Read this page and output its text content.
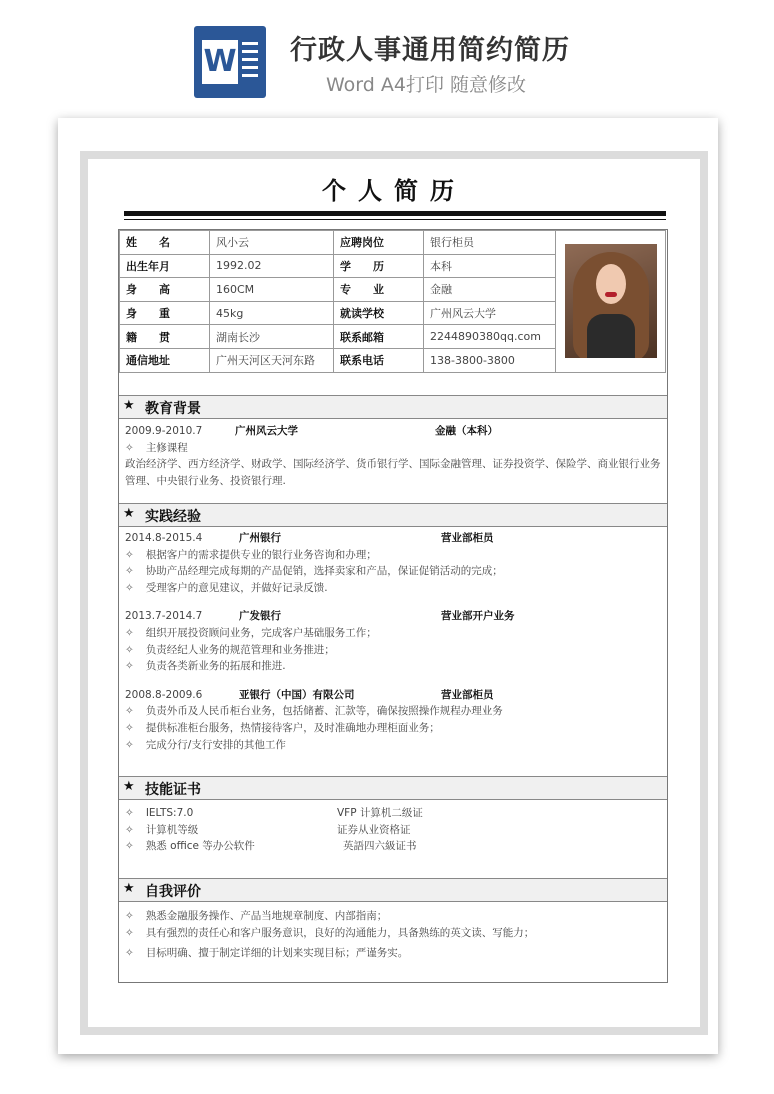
W 行政人事通用简约简历
Word A4打印 随意修改
个人简历
姓　　名	风小云	应聘岗位	银行柜员	

出生年月	1992.02	学　　历	本科	
身　　高	160CM	专　　业	金融	
身　　重	45kg	就读学校	广州风云大学	
籍　　贯	湖南长沙	联系邮箱	2244890380qq.com	
通信地址	广州天河区天河东路	联系电话	138-3800-3800	
★ 教育背景
2009.9-2010.7	广州风云大学	金融（本科）
✧ 主修课程
政治经济学、西方经济学、财政学、国际经济学、货币银行学、国际金融管理、证券投资学、保险学、商业银行业务管理、中央银行业务、投资银行理.
★ 实践经验
2014.8-2015.4	广州银行	营业部柜员
✧ 根据客户的需求提供专业的银行业务咨询和办理；
✧ 协助产品经理完成每期的产品促销，选择卖家和产品，保证促销活动的完成；
✧ 受理客户的意见建议，并做好记录反馈.
2013.7-2014.7	广发银行	营业部开户业务
✧ 组织开展投资顾问业务，完成客户基础服务工作；
✧ 负责经纪人业务的规范管理和业务推进；
✧ 负责各类新业务的拓展和推进.
2008.8-2009.6	亚银行（中国）有限公司	营业部柜员
✧ 负责外币及人民币柜台业务，包括储蓄、汇款等，确保按照操作规程办理业务
✧ 提供标准柜台服务，热情接待客户，及时准确地办理柜面业务；
✧ 完成分行/支行安排的其他工作
★ 技能证书
✧ IELTS:7.0	VFP 计算机二级证
✧ 计算机等级	证券从业资格证
✧ 熟悉 office 等办公软件	英語四六級证书
★ 自我评价
✧ 熟悉金融服务操作、产品当地规章制度、内部指南；
✧ 具有强烈的责任心和客户服务意识，良好的沟通能力，具备熟练的英文读、写能力；
✧ 目标明确、擅于制定详细的计划来实现目标；严谨务实。
